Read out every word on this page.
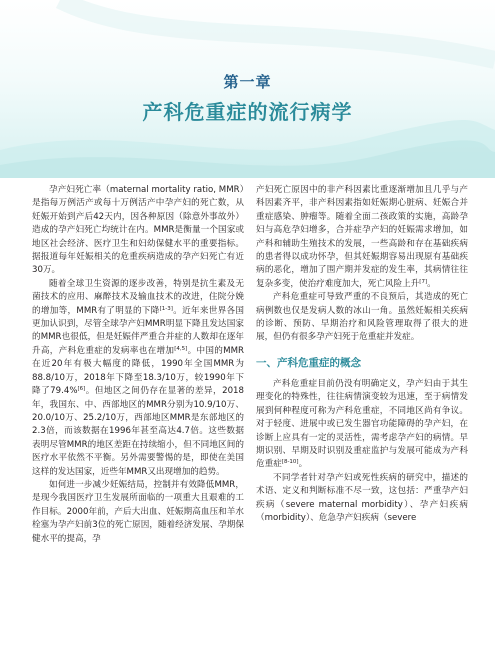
第一章
产科危重症的流行病学

孕产妇死亡率（maternal mortality ratio, MMR）是指每万例活产或每十万例活产中孕产妇的死亡数，从妊娠开始到产后42天内，因各种原因（除意外事故外）造成的孕产妇死亡均统计在内。MMR是衡量一个国家或地区社会经济、医疗卫生和妇幼保健水平的重要指标。据报道每年妊娠相关的危重疾病造成的孕产妇死亡有近30万。

随着全球卫生资源的逐步改善，特别是抗生素及无菌技术的应用、麻醉技术及输血技术的改进，住院分娩的增加等，MMR有了明显的下降[1-3]。近年来世界各国更加认识到，尽管全球孕产妇MMR明显下降且发达国家的MMR也很低，但是妊娠伴严重合并症的人数却在逐年升高，产科危重症的发病率也在增加[4,5]。中国的MMR在近20年有极大幅度的降低，1990年全国MMR为88.8/10万，2018年下降至18.3/10万，较1990年下降了79.4%[6]。但地区之间仍存在显著的差异，2018年，我国东、中、西部地区的MMR分别为10.9/10万、20.0/10万、25.2/10万，西部地区MMR是东部地区的2.3倍，而该数据在1996年甚至高达4.7倍。这些数据表明尽管MMR的地区差距在持续缩小，但不同地区间的医疗水平依然不平衡。另外需要警惕的是，即使在美国这样的发达国家，近些年MMR又出现增加的趋势。

如何进一步减少妊娠结局，控制并有效降低MMR，是现今我国医疗卫生发展所面临的一项重大且艰难的工作目标。2000年前，产后大出血、妊娠期高血压和羊水栓塞为孕产妇前3位的死亡原因，随着经济发展、孕期保健水平的提高，孕

产妇死亡原因中的非产科因素比重逐渐增加且几乎与产科因素齐平，非产科因素指如妊娠期心脏病、妊娠合并重症感染、肿瘤等。随着全面二孩政策的实施，高龄孕妇与高危孕妇增多，合并症孕产妇的妊娠需求增加，如产科和辅助生殖技术的发展，一些高龄和存在基础疾病的患者得以成功怀孕，但其妊娠期容易出现原有基础疾病的恶化，增加了围产期并发症的发生率，其病情往往复杂多变，使治疗难度加大，死亡风险上升[7]。

产科危重症可导致严重的不良预后，其造成的死亡病例数也仅是发病人数的冰山一角。虽然妊娠相关疾病的诊断、预防、早期治疗和风险管理取得了很大的进展，但仍有很多孕产妇死于危重症并发症。

一、产科危重症的概念

产科危重症目前仍没有明确定义，孕产妇由于其生理变化的特殊性，往往病情演变较为迅速，至于病情发展到何种程度可称为产科危重症，不同地区尚有争议。对于轻度、进展中或已发生器官功能障碍的孕产妇，在诊断上应具有一定的灵活性，需考虑孕产妇的病情。早期识别、早期及时识别及重症监护与发展可能成为产科危重症[8-10]。

不同学者针对孕产妇或死性疾病的研究中，描述的术语、定义和判断标准不尽一致，这包括：严重孕产妇疾病（severe maternal morbidity）、孕产妇疾病（morbidity）、危急孕产妇疾病（severe
